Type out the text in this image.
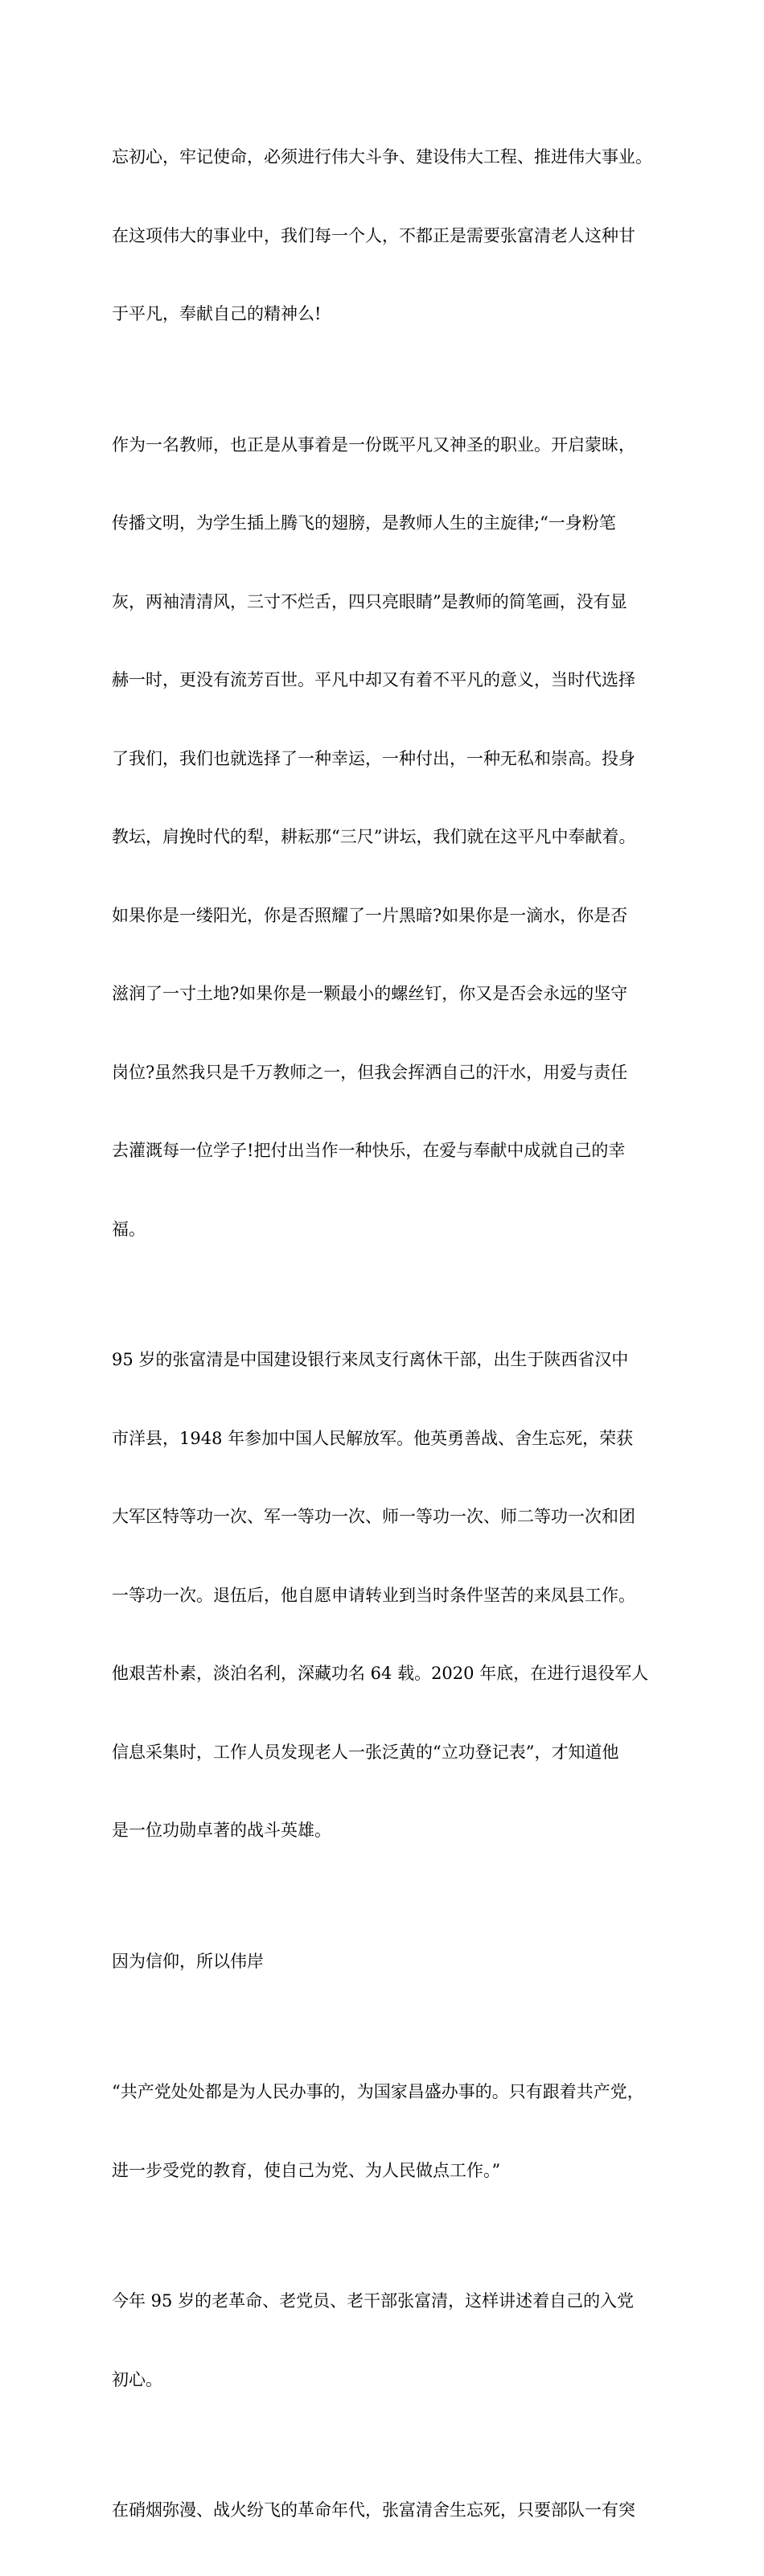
忘初心，牢记使命，必须进行伟大斗争、建设伟大工程、推进伟大事业。

在这项伟大的事业中，我们每一个人，不都正是需要张富清老人这种甘

于平凡，奉献自己的精神么!

作为一名教师，也正是从事着是一份既平凡又神圣的职业。开启蒙昧，

传播文明，为学生插上腾飞的翅膀，是教师人生的主旋律;“一身粉笔

灰，两袖清清风，三寸不烂舌，四只亮眼睛”是教师的简笔画，没有显

赫一时，更没有流芳百世。平凡中却又有着不平凡的意义，当时代选择

了我们，我们也就选择了一种幸运，一种付出，一种无私和崇高。投身

教坛，肩挽时代的犁，耕耘那“三尺”讲坛，我们就在这平凡中奉献着。

如果你是一缕阳光，你是否照耀了一片黑暗?如果你是一滴水，你是否

滋润了一寸土地?如果你是一颗最小的螺丝钉，你又是否会永远的坚守

岗位?虽然我只是千万教师之一，但我会挥洒自己的汗水，用爱与责任

去灌溉每一位学子!把付出当作一种快乐，在爱与奉献中成就自己的幸

福。

95 岁的张富清是中国建设银行来凤支行离休干部，出生于陕西省汉中

市洋县，1948 年参加中国人民解放军。他英勇善战、舍生忘死，荣获

大军区特等功一次、军一等功一次、师一等功一次、师二等功一次和团

一等功一次。退伍后，他自愿申请转业到当时条件坚苦的来凤县工作。

他艰苦朴素，淡泊名利，深藏功名 64 载。2020 年底，在进行退役军人

信息采集时，工作人员发现老人一张泛黄的“立功登记表”，才知道他

是一位功勋卓著的战斗英雄。

因为信仰，所以伟岸

“共产党处处都是为人民办事的，为国家昌盛办事的。只有跟着共产党，

进一步受党的教育，使自己为党、为人民做点工作。”

今年 95 岁的老革命、老党员、老干部张富清，这样讲述着自己的入党

初心。

在硝烟弥漫、战火纷飞的革命年代，张富清舍生忘死，只要部队一有突
